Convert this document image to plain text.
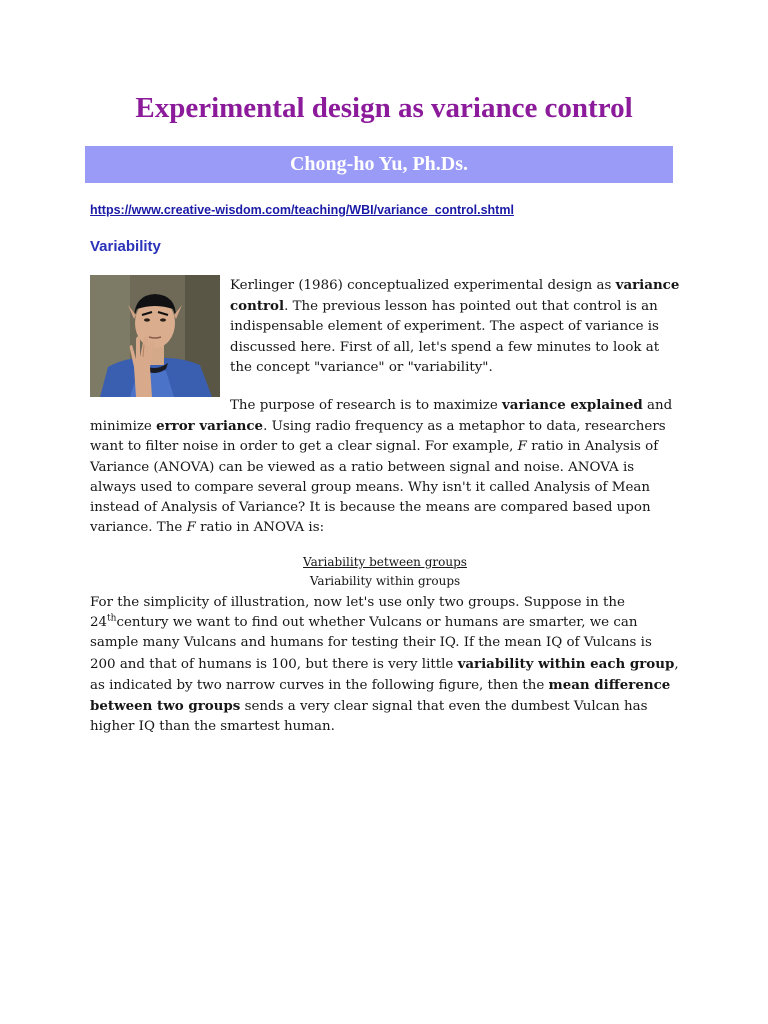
Experimental design as variance control
Chong-ho Yu, Ph.Ds.
https://www.creative-wisdom.com/teaching/WBI/variance_control.shtml
Variability

Kerlinger (1986) conceptualized experimental design as variance control. The previous lesson has pointed out that control is an indispensable element of experiment. The aspect of variance is discussed here. First of all, let's spend a few minutes to look at the concept "variance" or "variability".

The purpose of research is to maximize variance explained and minimize error variance. Using radio frequency as a metaphor to data, researchers want to filter noise in order to get a clear signal. For example, F ratio in Analysis of Variance (ANOVA) can be viewed as a ratio between signal and noise. ANOVA is always used to compare several group means. Why isn't it called Analysis of Mean instead of Analysis of Variance? It is because the means are compared based upon variance. The F ratio in ANOVA is:

Variability between groups
Variability within groups

For the simplicity of illustration, now let's use only two groups. Suppose in the 24thcentury we want to find out whether Vulcans or humans are smarter, we can sample many Vulcans and humans for testing their IQ. If the mean IQ of Vulcans is 200 and that of humans is 100, but there is very little variability within each group, as indicated by two narrow curves in the following figure, then the mean difference between two groups sends a very clear signal that even the dumbest Vulcan has higher IQ than the smartest human.
